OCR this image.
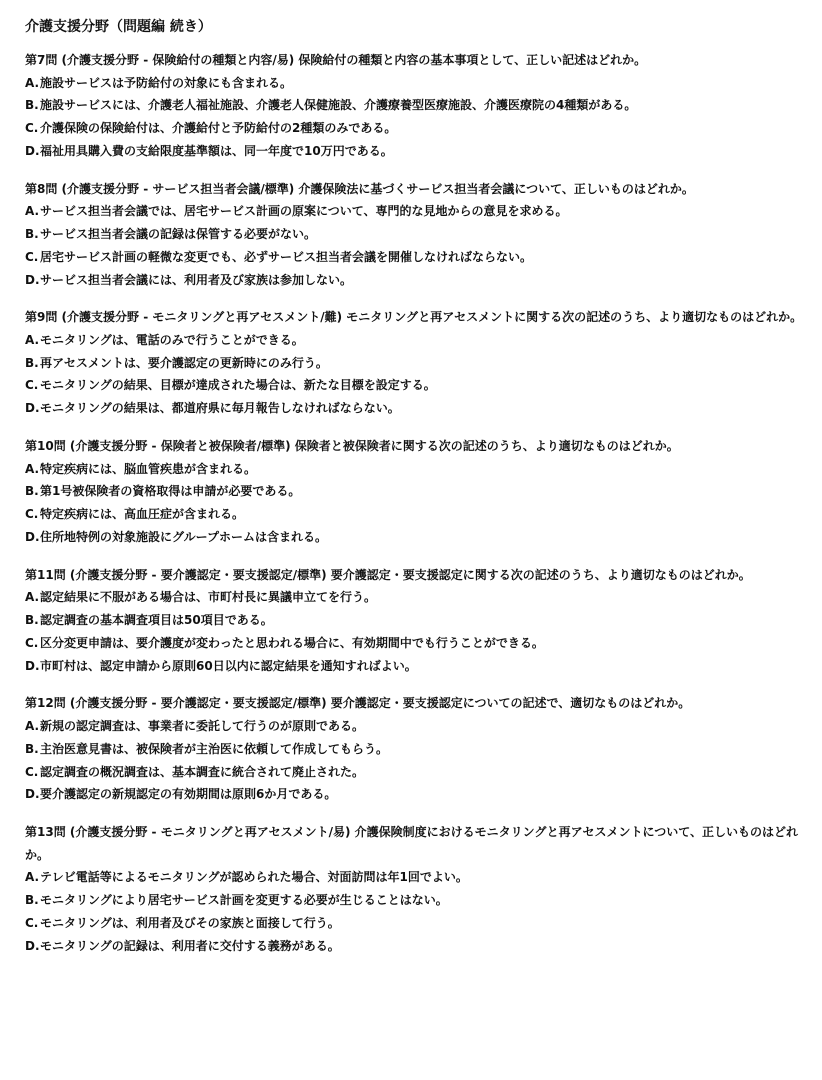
介護支援分野（問題編 続き）

第7問 (介護支援分野 - 保険給付の種類と内容/易) 保険給付の種類と内容の基本事項として、正しい記述はどれか。

A.施設サービスは予防給付の対象にも含まれる。
B.施設サービスには、介護老人福祉施設、介護老人保健施設、介護療養型医療施設、介護医療院の4種類がある。
C. 介護保険の保険給付は、介護給付と予防給付の2種類のみである。
D.福祉用具購入費の支給限度基準額は、同一年度で10万円である。

第8問 (介護支援分野 - サービス担当者会議/標準) 介護保険法に基づくサービス担当者会議について、正しいものはどれか。

A.サービス担当者会議では、居宅サービス計画の原案について、専門的な見地からの意見を求める。
B.サービス担当者会議の記録は保管する必要がない。
C. 居宅サービス計画の軽微な変更でも、必ずサービス担当者会議を開催しなければならない。
D.サービス担当者会議には、利用者及び家族は参加しない。

第9問 (介護支援分野 - モニタリングと再アセスメント/難) モニタリングと再アセスメントに関する次の記述のうち、より適切なものはどれか。

A.モニタリングは、電話のみで行うことができる。
B.再アセスメントは、要介護認定の更新時にのみ行う。
C. モニタリングの結果、目標が達成された場合は、新たな目標を設定する。
D.モニタリングの結果は、都道府県に毎月報告しなければならない。

第10問 (介護支援分野 - 保険者と被保険者/標準) 保険者と被保険者に関する次の記述のうち、より適切なものはどれか。

A.特定疾病には、脳血管疾患が含まれる。
B.第1号被保険者の資格取得は申請が必要である。
C. 特定疾病には、高血圧症が含まれる。
D.住所地特例の対象施設にグループホームは含まれる。

第11問 (介護支援分野 - 要介護認定・要支援認定/標準) 要介護認定・要支援認定に関する次の記述のうち、より適切なものはどれか。

A.認定結果に不服がある場合は、市町村長に異議申立てを行う。
B.認定調査の基本調査項目は50項目である。
C. 区分変更申請は、要介護度が変わったと思われる場合に、有効期間中でも行うことができる。
D.市町村は、認定申請から原則60日以内に認定結果を通知すればよい。

第12問 (介護支援分野 - 要介護認定・要支援認定/標準) 要介護認定・要支援認定についての記述で、適切なものはどれか。

A.新規の認定調査は、事業者に委託して行うのが原則である。
B.主治医意見書は、被保険者が主治医に依頼して作成してもらう。
C. 認定調査の概況調査は、基本調査に統合されて廃止された。
D.要介護認定の新規認定の有効期間は原則6か月である。

第13問 (介護支援分野 - モニタリングと再アセスメント/易) 介護保険制度におけるモニタリングと再アセスメントについて、正しいものはどれか。

A.テレビ電話等によるモニタリングが認められた場合、対面訪問は年1回でよい。
B.モニタリングにより居宅サービス計画を変更する必要が生じることはない。
C. モニタリングは、利用者及びその家族と面接して行う。
D.モニタリングの記録は、利用者に交付する義務がある。
